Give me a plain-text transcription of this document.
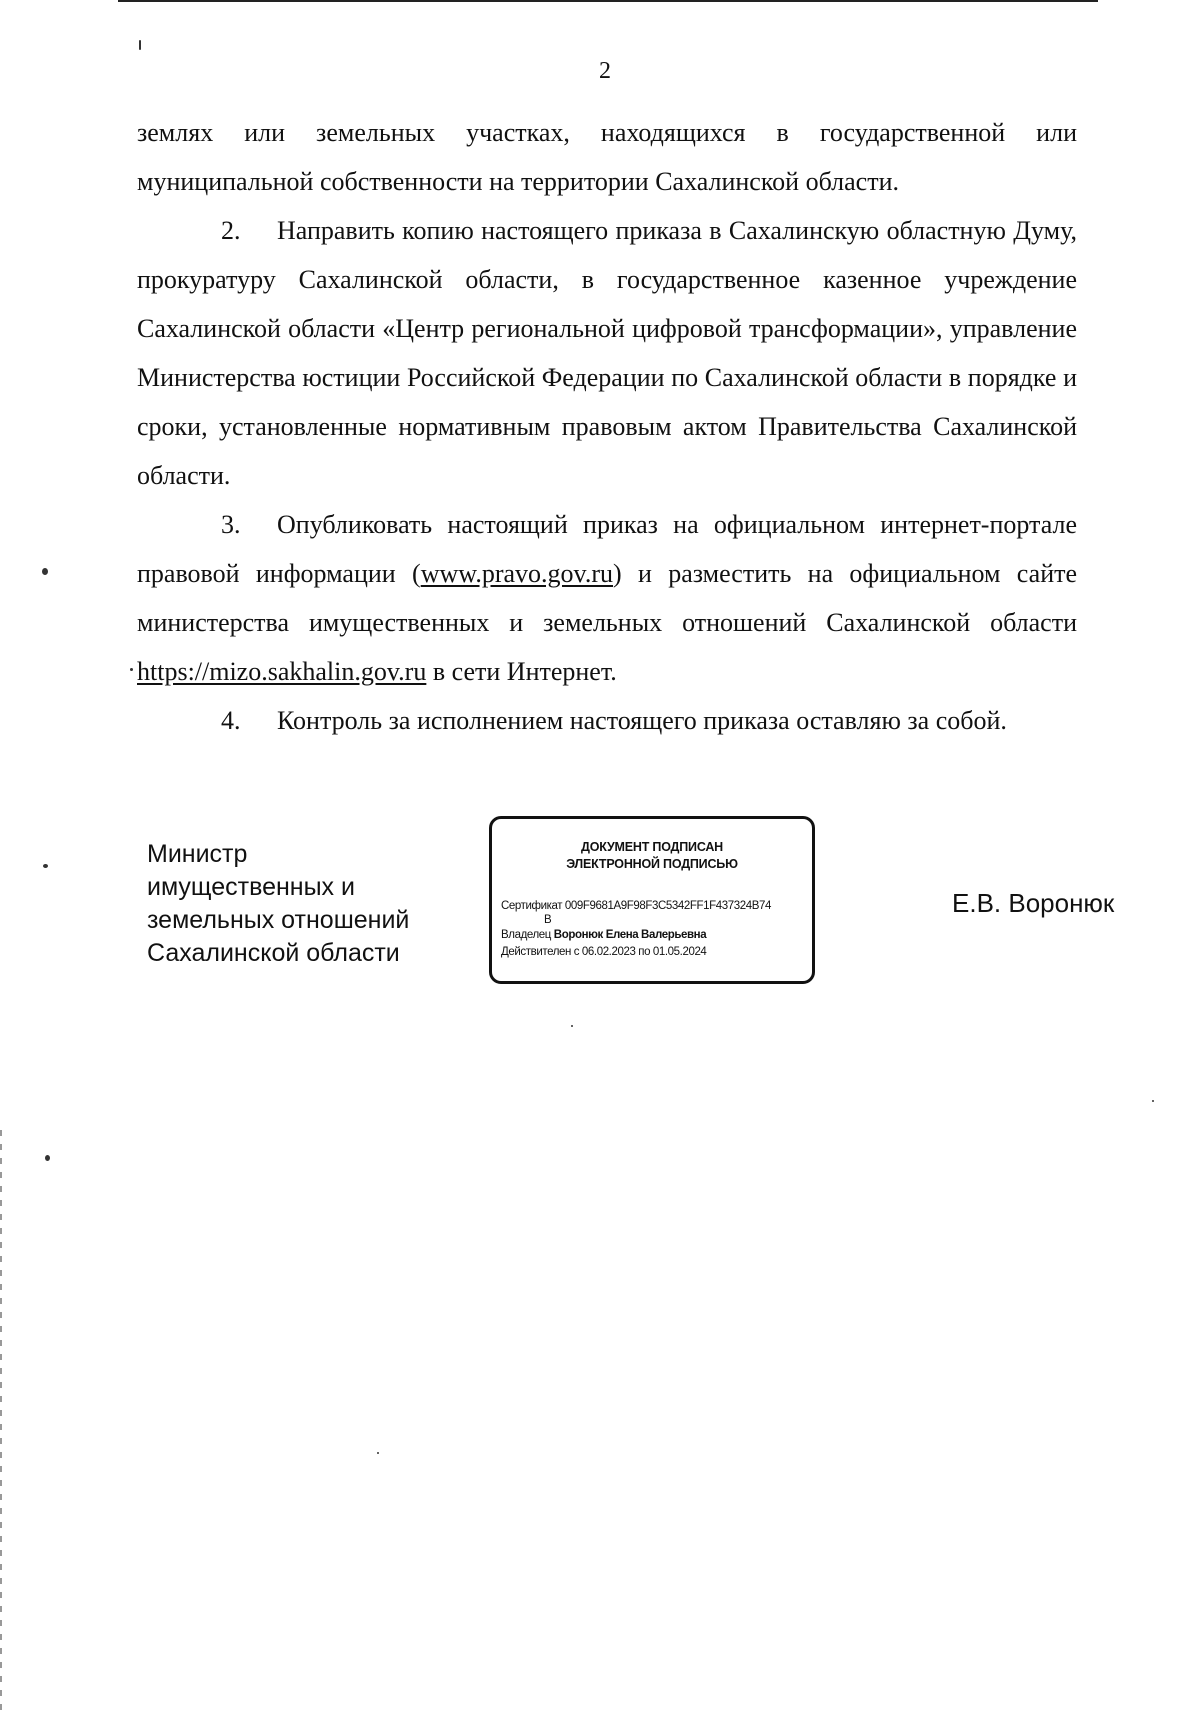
2

землях или земельных участках, находящихся в государственной или муниципальной собственности на территории Сахалинской области.

2. Направить копию настоящего приказа в Сахалинскую областную Думу, прокуратуру Сахалинской области, в государственное казенное учреждение Сахалинской области «Центр региональной цифровой трансформации», управление Министерства юстиции Российской Федерации по Сахалинской области в порядке и сроки, установленные нормативным правовым актом Правительства Сахалинской области.

3. Опубликовать настоящий приказ на официальном интернет-портале правовой информации (www.pravo.gov.ru) и разместить на официальном сайте министерства имущественных и земельных отношений Сахалинской области https://mizo.sakhalin.gov.ru в сети Интернет.

4. Контроль за исполнением настоящего приказа оставляю за собой.

Министр
имущественных и
земельных отношений
Сахалинской области
ДОКУМЕНТ ПОДПИСАН
ЭЛЕКТРОННОЙ ПОДПИСЬЮ
Сертификат 009F9681A9F98F3C5342FF1F437324B74
B
Владелец Воронюк Елена Валерьевна
Действителен с 06.02.2023 по 01.05.2024
Е.В. Воронюк
